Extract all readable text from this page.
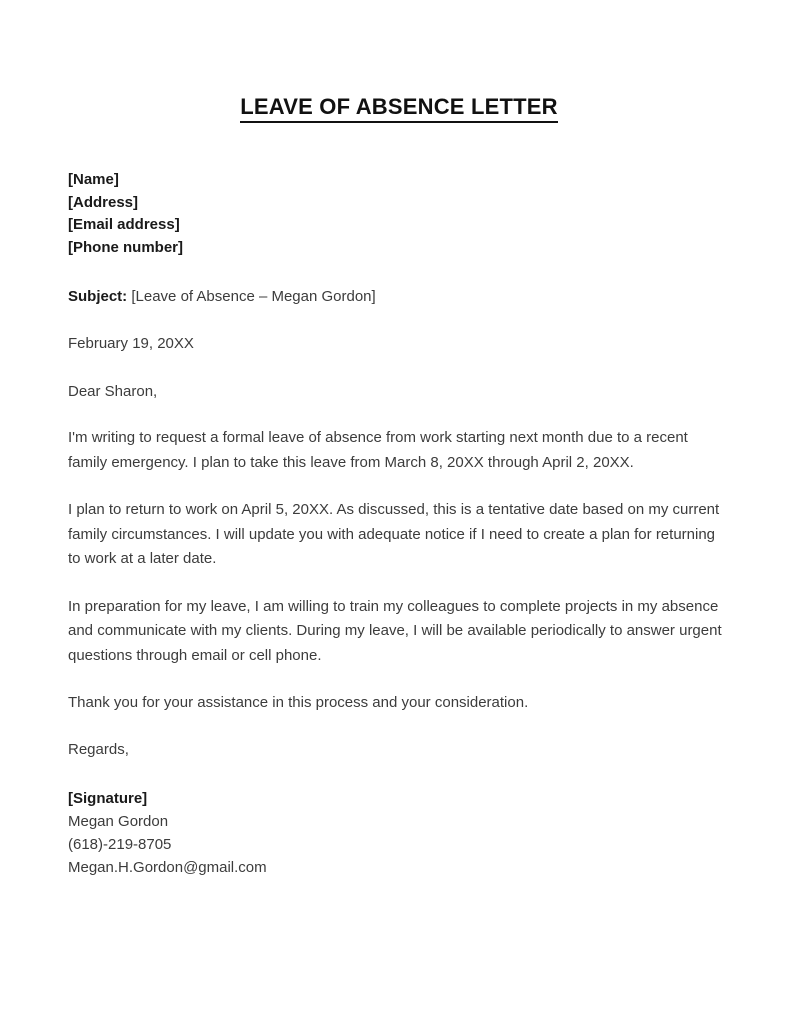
LEAVE OF ABSENCE LETTER
[Name]
[Address]
[Email address]
[Phone number]
Subject: [Leave of Absence – Megan Gordon]
February 19, 20XX
Dear Sharon,

I'm writing to request a formal leave of absence from work starting next month due to a recent family emergency. I plan to take this leave from March 8, 20XX through April 2, 20XX.

I plan to return to work on April 5, 20XX. As discussed, this is a tentative date based on my current family circumstances. I will update you with adequate notice if I need to create a plan for returning to work at a later date.

In preparation for my leave, I am willing to train my colleagues to complete projects in my absence and communicate with my clients. During my leave, I will be available periodically to answer urgent questions through email or cell phone.

Thank you for your assistance in this process and your consideration.

Regards,
[Signature]
Megan Gordon
(618)-219-8705
Megan.H.Gordon@gmail.com
